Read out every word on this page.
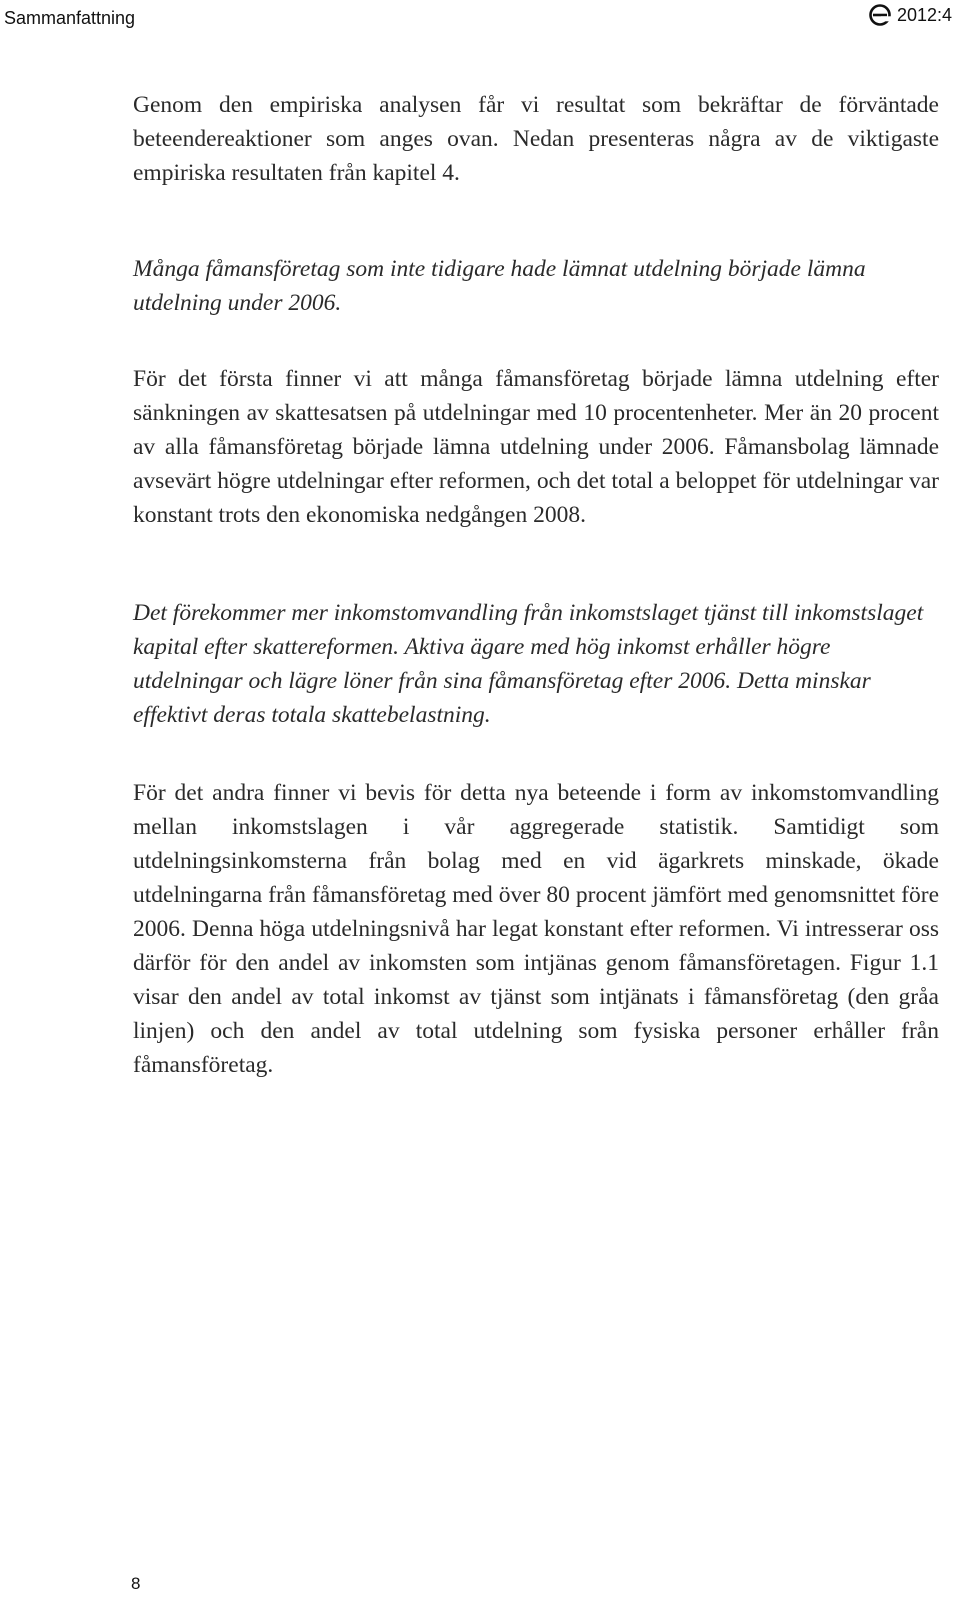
Sammanfattning	2012:4

Genom den empiriska analysen får vi resultat som bekräftar de förväntade beteendereaktioner som anges ovan. Nedan presenteras några av de viktigaste empiriska resultaten från kapitel 4.

Många fåmansföretag som inte tidigare hade lämnat utdelning började lämna utdelning under 2006.

För det första finner vi att många fåmansföretag började lämna utdelning efter sänkningen av skattesatsen på utdelningar med 10 procentenheter. Mer än 20 procent av alla fåmansföretag började lämna utdelning under 2006. Fåmansbolag lämnade avsevärt högre utdelningar efter reformen, och det total a beloppet för utdelningar var konstant trots den ekonomiska nedgången 2008.

Det förekommer mer inkomstomvandling från inkomstslaget tjänst till inkomstslaget kapital efter skattereformen. Aktiva ägare med hög inkomst erhåller högre utdelningar och lägre löner från sina fåmansföretag efter 2006. Detta minskar effektivt deras totala skattebelastning.

För det andra finner vi bevis för detta nya beteende i form av inkomstomvandling mellan inkomstslagen i vår aggregerade statistik. Samtidigt som utdelningsinkomsterna från bolag med en vid ägarkrets minskade, ökade utdelningarna från fåmansföretag med över 80 procent jämfört med genomsnittet före 2006. Denna höga utdelningsnivå har legat konstant efter reformen. Vi intresserar oss därför för den andel av inkomsten som intjänas genom fåmansföretagen. Figur 1.1 visar den andel av total inkomst av tjänst som intjänats i fåmansföretag (den gråa linjen) och den andel av total utdelning som fysiska personer erhåller från fåmansföretag.

8
